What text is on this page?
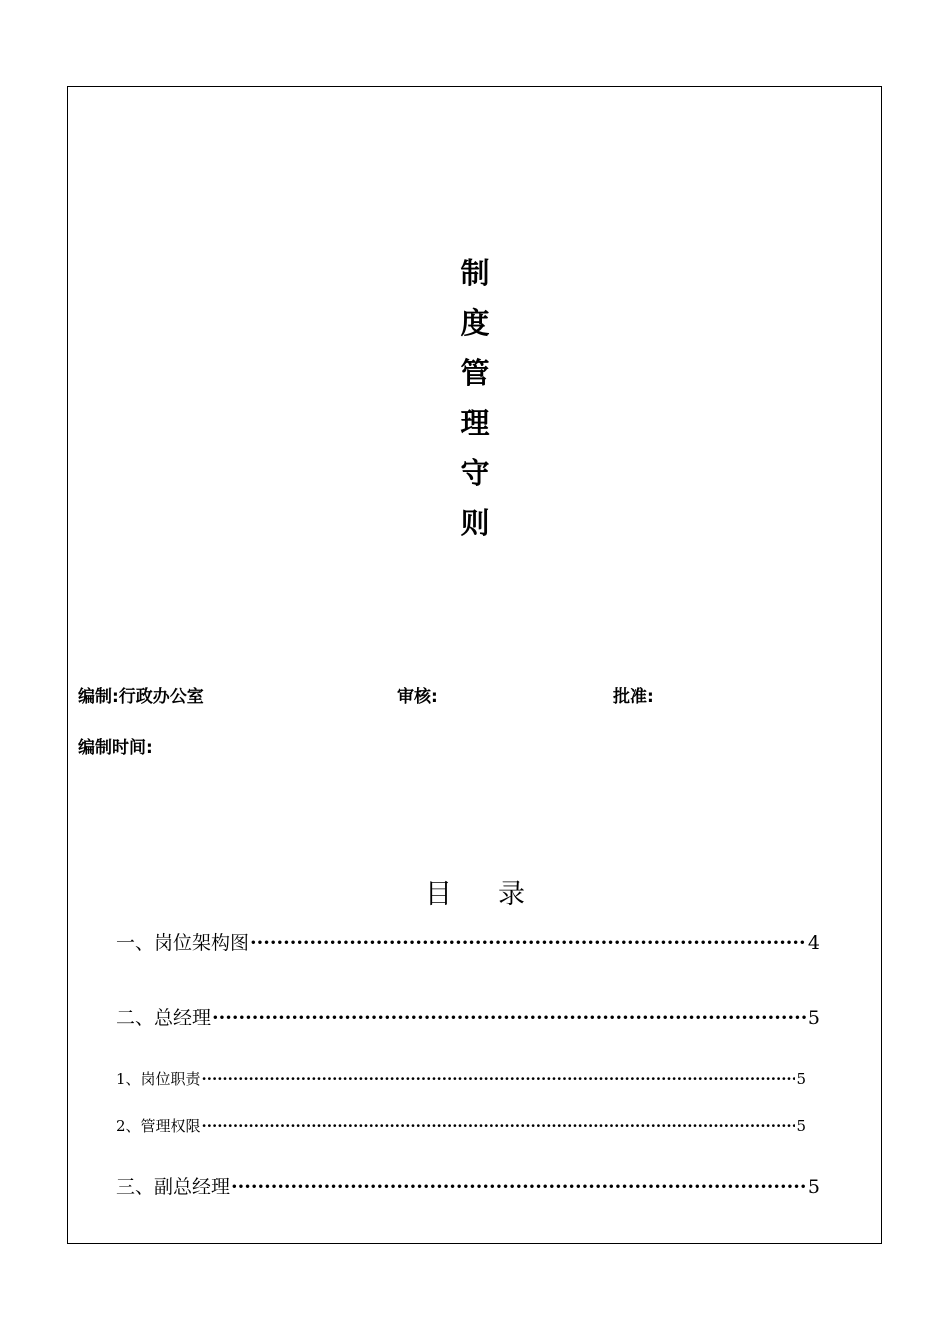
制
度
管
理
守
则
编制:行政办公室	审核:	批准:
编制时间:
目 录
一、岗位架构图 ·····	4
二、总经理 ·····	5
1、岗位职责 ·····	5
2、管理权限 ·····	5
三、副总经理 ·····	5
